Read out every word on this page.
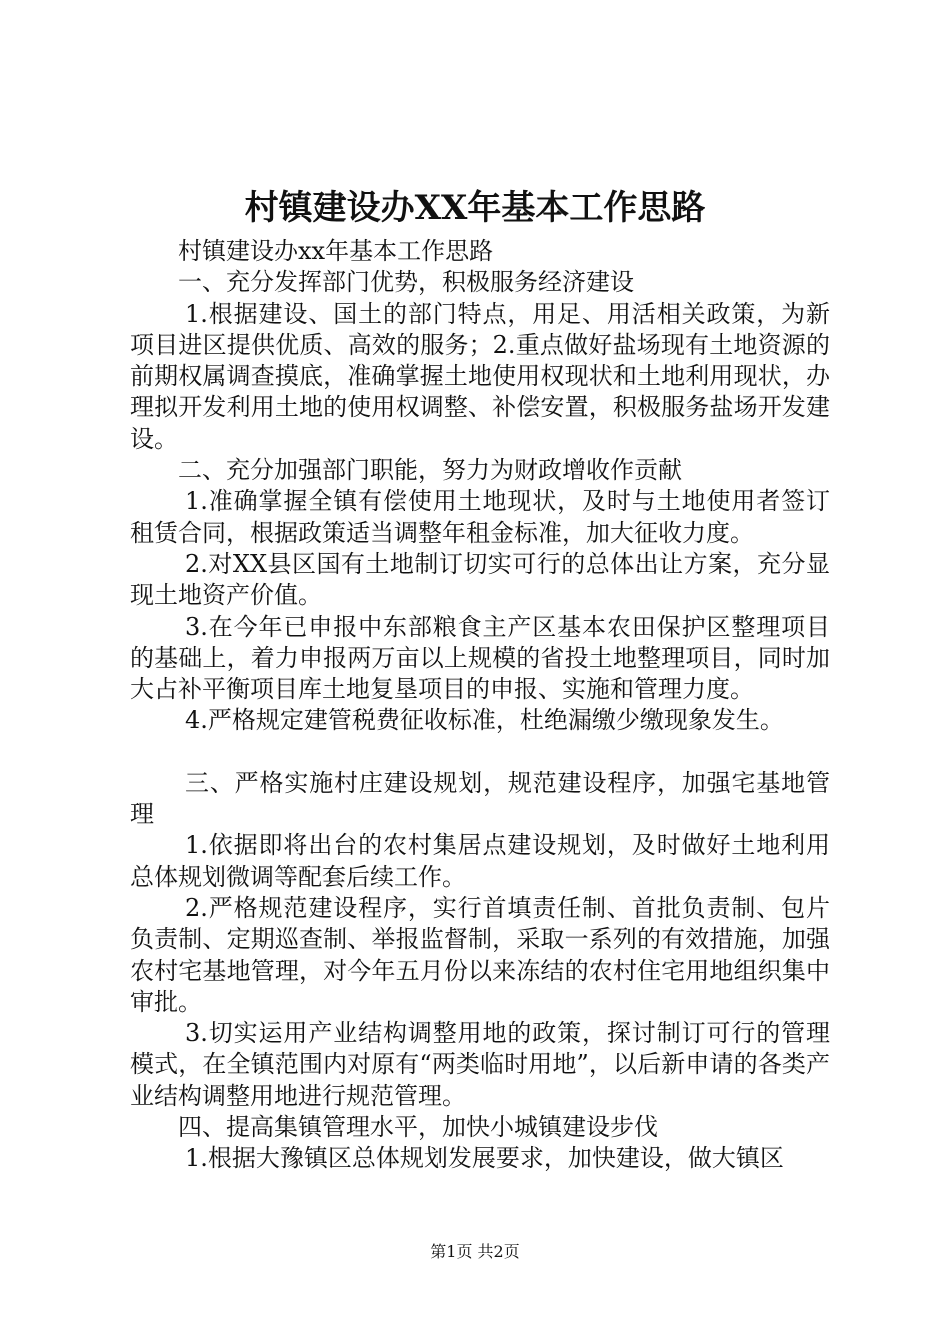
村镇建设办XX年基本工作思路

村镇建设办xx年基本工作思路

一、充分发挥部门优势，积极服务经济建设

1.根据建设、国土的部门特点，用足、用活相关政策，为新项目进区提供优质、高效的服务；2.重点做好盐场现有土地资源的前期权属调查摸底，准确掌握土地使用权现状和土地利用现状，办理拟开发利用土地的使用权调整、补偿安置，积极服务盐场开发建设。

二、充分加强部门职能，努力为财政增收作贡献

1.准确掌握全镇有偿使用土地现状，及时与土地使用者签订租赁合同，根据政策适当调整年租金标准，加大征收力度。

2.对XX县区国有土地制订切实可行的总体出让方案，充分显现土地资产价值。

3.在今年已申报中东部粮食主产区基本农田保护区整理项目的基础上，着力申报两万亩以上规模的省投土地整理项目，同时加大占补平衡项目库土地复垦项目的申报、实施和管理力度。

4.严格规定建管税费征收标准，杜绝漏缴少缴现象发生。

三、严格实施村庄建设规划，规范建设程序，加强宅基地管理

1.依据即将出台的农村集居点建设规划，及时做好土地利用总体规划微调等配套后续工作。

2.严格规范建设程序，实行首填责任制、首批负责制、包片负责制、定期巡查制、举报监督制，采取一系列的有效措施，加强农村宅基地管理，对今年五月份以来冻结的农村住宅用地组织集中审批。

3.切实运用产业结构调整用地的政策，探讨制订可行的管理模式，在全镇范围内对原有“两类临时用地”，以后新申请的各类产业结构调整用地进行规范管理。

四、提高集镇管理水平，加快小城镇建设步伐

1.根据大豫镇区总体规划发展要求，加快建设，做大镇区

第1页 共2页
